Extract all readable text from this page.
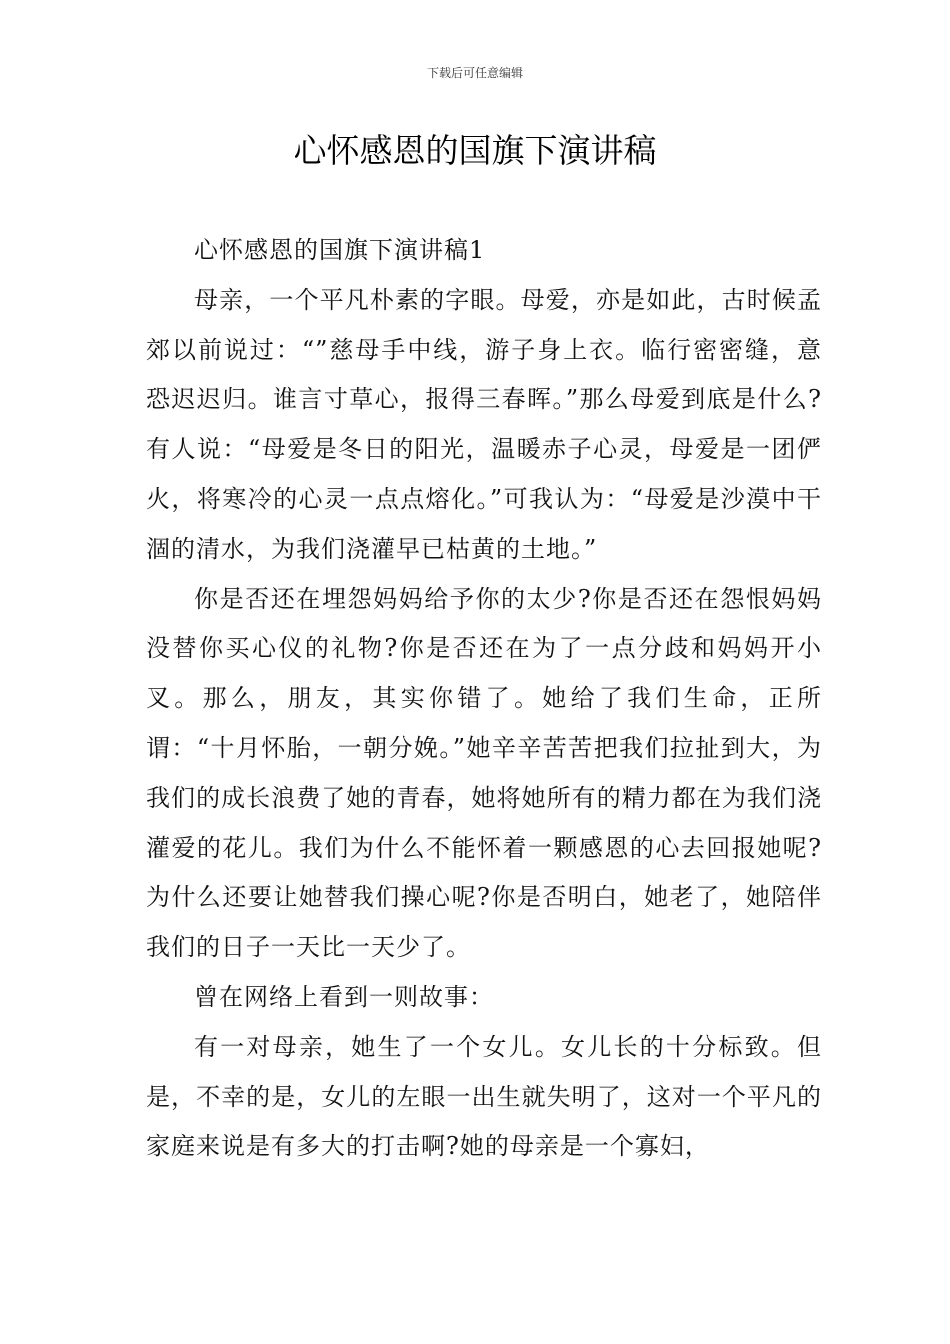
下载后可任意编辑
心怀感恩的国旗下演讲稿

心怀感恩的国旗下演讲稿1

母亲，一个平凡朴素的字眼。母爱，亦是如此，古时候孟郊以前说过：“”慈母手中线，游子身上衣。临行密密缝，意恐迟迟归。谁言寸草心，报得三春晖。”那么母爱到底是什么?有人说：“母爱是冬日的阳光，温暖赤子心灵，母爱是一团俨火，将寒冷的心灵一点点熔化。”可我认为：“母爱是沙漠中干涸的清水，为我们浇灌早已枯黄的土地。”

你是否还在埋怨妈妈给予你的太少?你是否还在怨恨妈妈没替你买心仪的礼物?你是否还在为了一点分歧和妈妈开小叉。那么，朋友，其实你错了。她给了我们生命，正所谓：“十月怀胎，一朝分娩。”她辛辛苦苦把我们拉扯到大，为我们的成长浪费了她的青春，她将她所有的精力都在为我们浇灌爱的花儿。我们为什么不能怀着一颗感恩的心去回报她呢?为什么还要让她替我们操心呢?你是否明白，她老了，她陪伴我们的日子一天比一天少了。

曾在网络上看到一则故事：

有一对母亲，她生了一个女儿。女儿长的十分标致。但是，不幸的是，女儿的左眼一出生就失明了，这对一个平凡的家庭来说是有多大的打击啊?她的母亲是一个寡妇，
